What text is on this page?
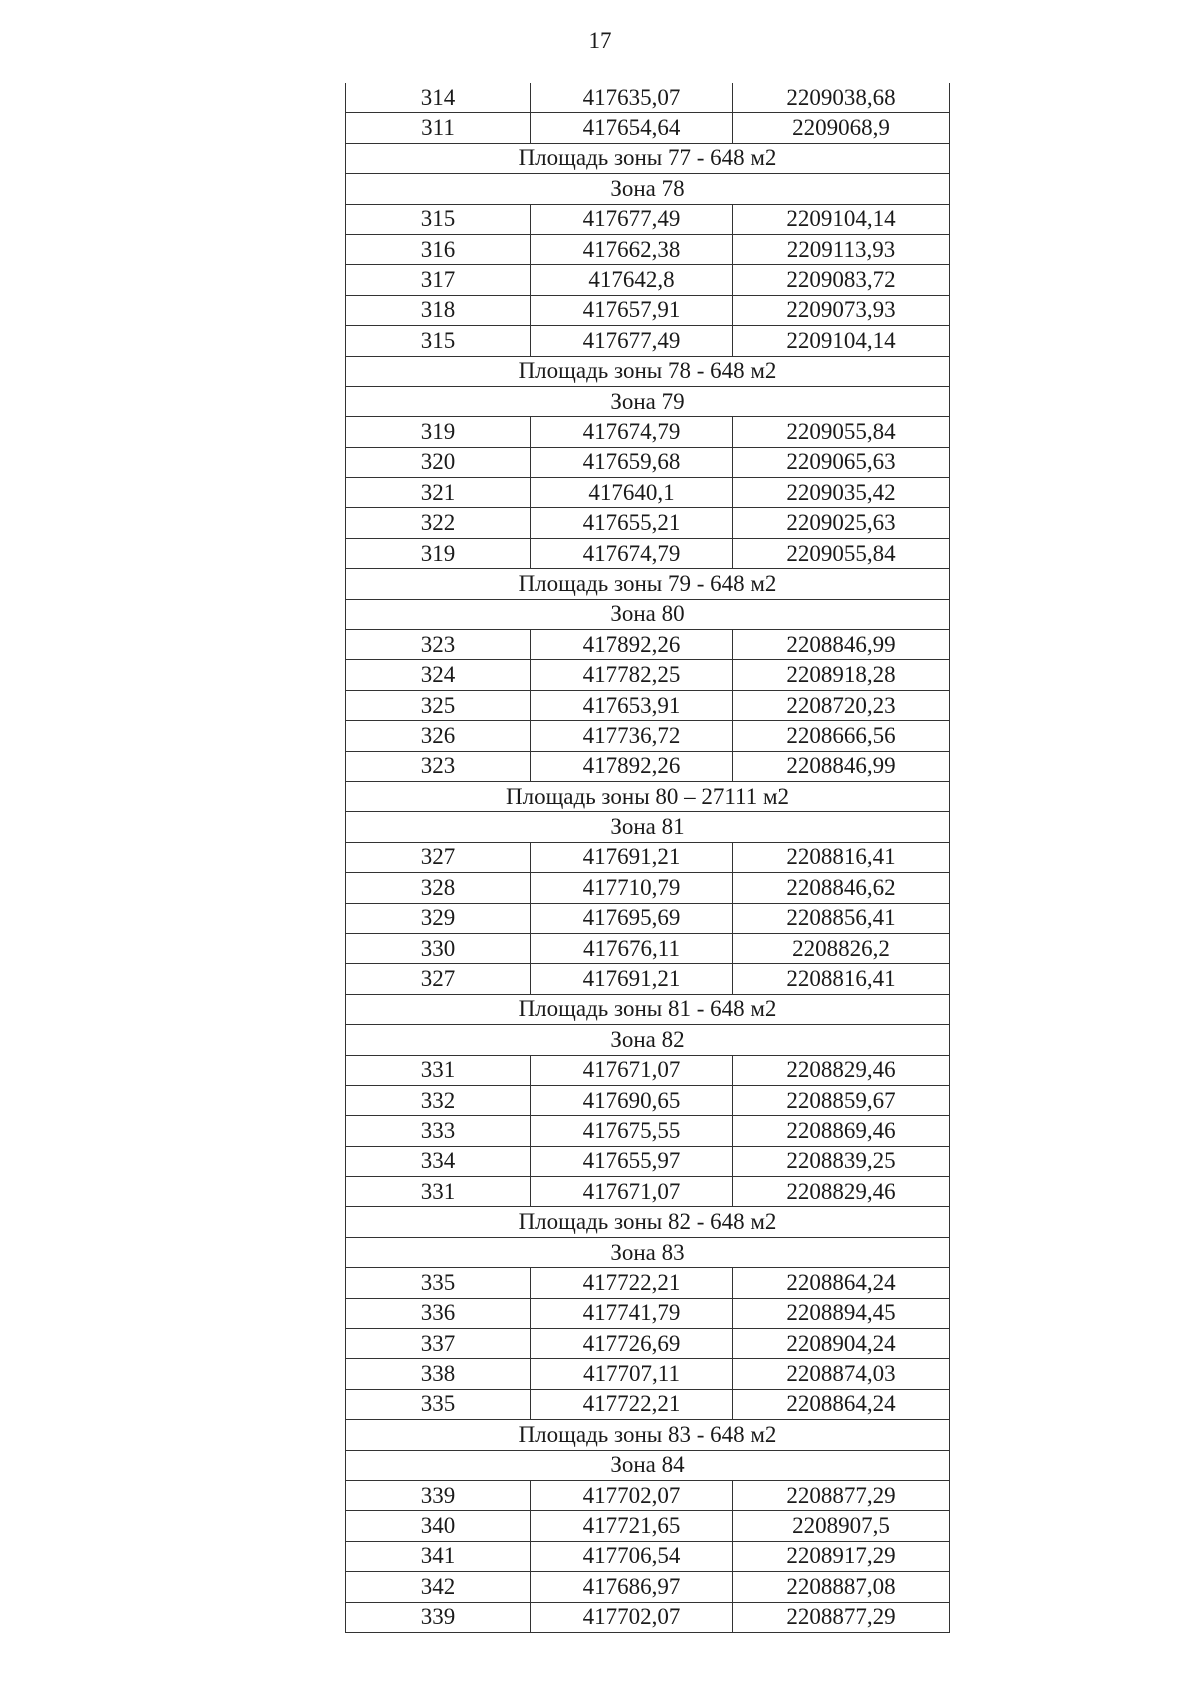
17
314	417635,07	2209038,68
311	417654,64	2209068,9
Площадь зоны 77 - 648 м2		
Зона 78		
315	417677,49	2209104,14
316	417662,38	2209113,93
317	417642,8	2209083,72
318	417657,91	2209073,93
315	417677,49	2209104,14
Площадь зоны 78 - 648 м2		
Зона 79		
319	417674,79	2209055,84
320	417659,68	2209065,63
321	417640,1	2209035,42
322	417655,21	2209025,63
319	417674,79	2209055,84
Площадь зоны 79 - 648 м2		
Зона 80		
323	417892,26	2208846,99
324	417782,25	2208918,28
325	417653,91	2208720,23
326	417736,72	2208666,56
323	417892,26	2208846,99
Площадь зоны 80 – 27111 м2		
Зона 81		
327	417691,21	2208816,41
328	417710,79	2208846,62
329	417695,69	2208856,41
330	417676,11	2208826,2
327	417691,21	2208816,41
Площадь зоны 81 - 648 м2		
Зона 82		
331	417671,07	2208829,46
332	417690,65	2208859,67
333	417675,55	2208869,46
334	417655,97	2208839,25
331	417671,07	2208829,46
Площадь зоны 82 - 648 м2		
Зона 83		
335	417722,21	2208864,24
336	417741,79	2208894,45
337	417726,69	2208904,24
338	417707,11	2208874,03
335	417722,21	2208864,24
Площадь зоны 83 - 648 м2		
Зона 84		
339	417702,07	2208877,29
340	417721,65	2208907,5
341	417706,54	2208917,29
342	417686,97	2208887,08
339	417702,07	2208877,29
